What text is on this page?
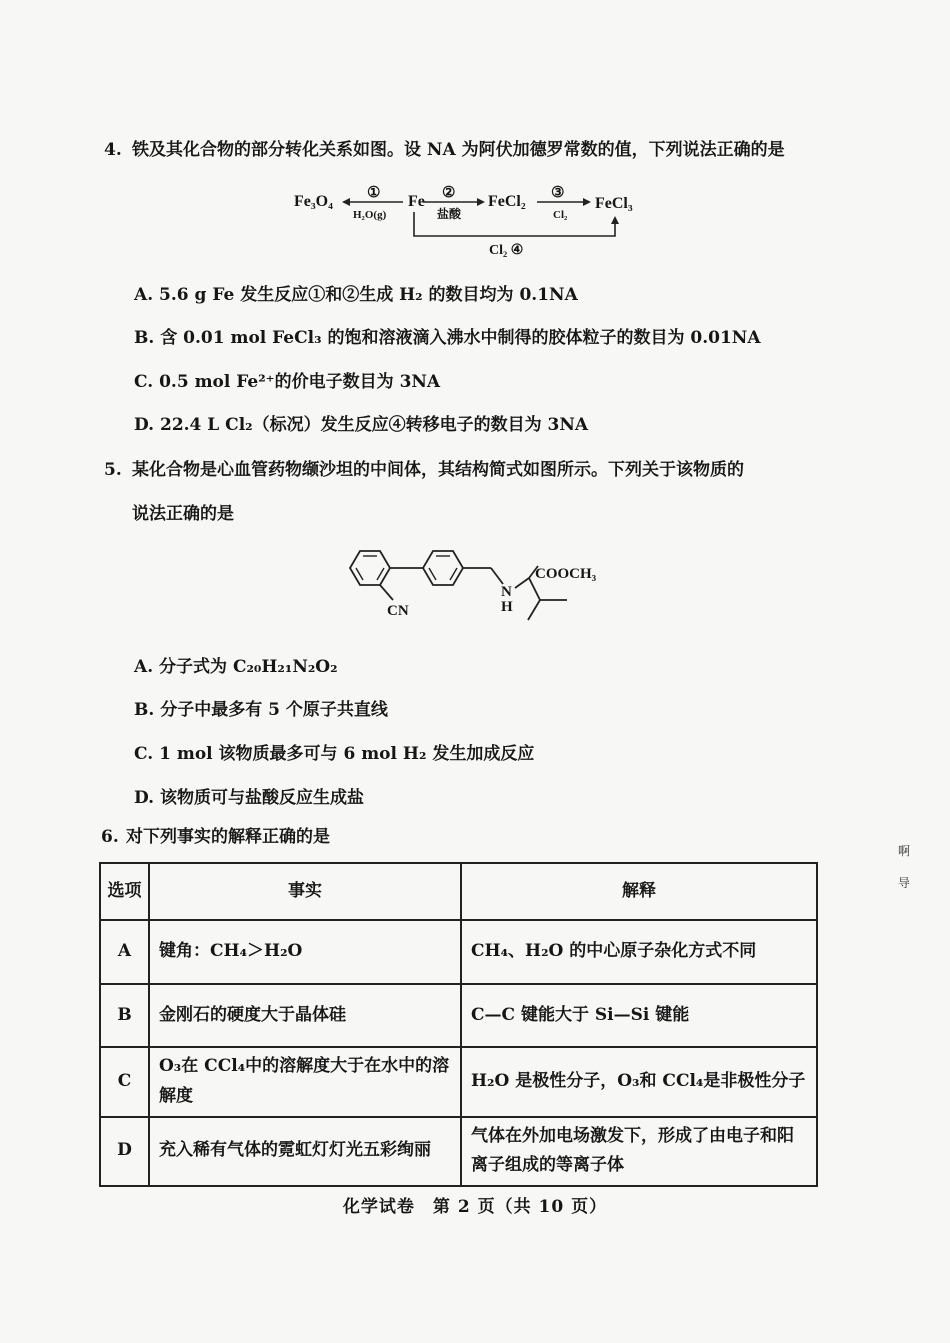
4. 铁及其化合物的部分转化关系如图。设 NA 为阿伏加德罗常数的值，下列说法正确的是
Fe₃O₄	Fe	FeCl₂	FeCl₃
①
H₂O(g)
②
盐酸
③
Cl₂
Cl₂ ④
A. 5.6 g Fe 发生反应①和②生成 H₂ 的数目均为 0.1NA
B. 含 0.01 mol FeCl₃ 的饱和溶液滴入沸水中制得的胶体粒子的数目为 0.01NA
C. 0.5 mol Fe²⁺的价电子数目为 3NA
D. 22.4 L Cl₂（标况）发生反应④转移电子的数目为 3NA
5. 某化合物是心血管药物缬沙坦的中间体，其结构简式如图所示。下列关于该物质的
说法正确的是
CN
N
H
COOCH₃
A. 分子式为 C₂₀H₂₁N₂O₂
B. 分子中最多有 5 个原子共直线
C. 1 mol 该物质最多可与 6 mol H₂ 发生加成反应
D. 该物质可与盐酸反应生成盐
6. 对下列事实的解释正确的是
选项	事实	解释
A	键角：CH₄＞H₂O	CH₄、H₂O 的中心原子杂化方式不同
B	金刚石的硬度大于晶体硅	C—C 键能大于 Si—Si 键能
C	O₃在 CCl₄中的溶解度大于在水中的溶解度	H₂O 是极性分子，O₃和 CCl₄是非极性分子
D	充入稀有气体的霓虹灯灯光五彩绚丽	气体在外加电场激发下，形成了由电子和阳离子组成的等离子体
化学试卷　第 2 页（共 10 页）
啊
导
